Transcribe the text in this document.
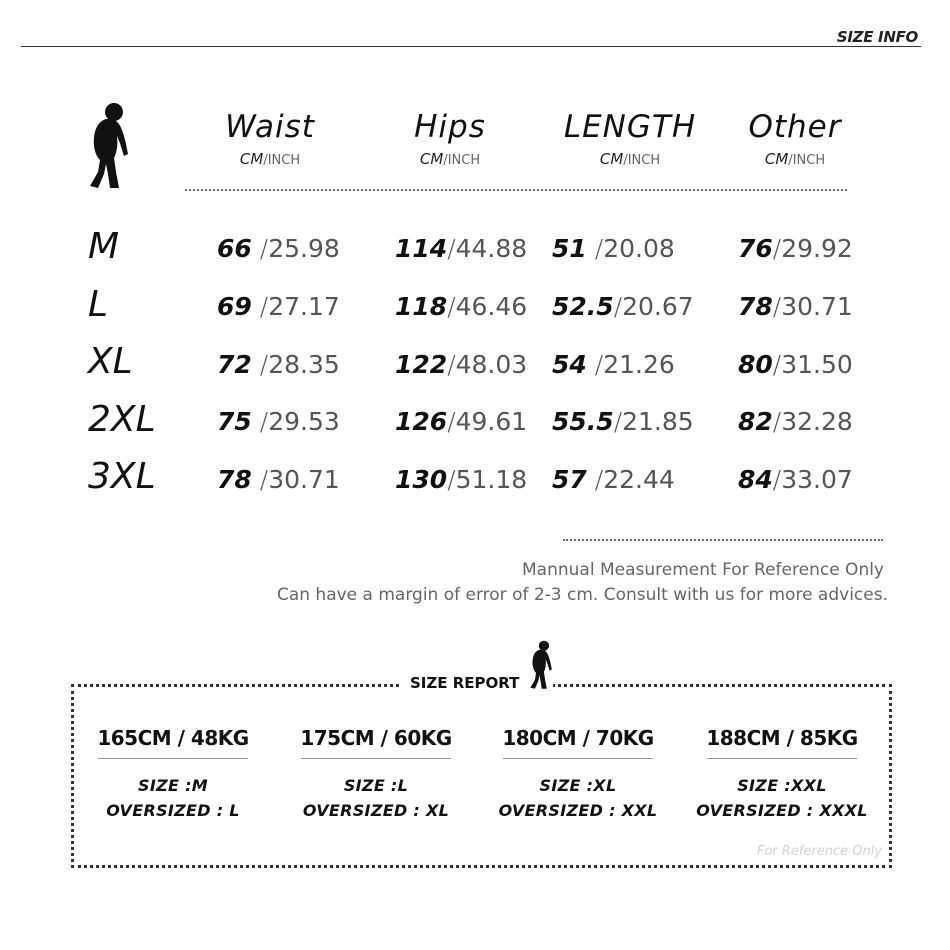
SIZE INFO
Waist
CM/INCH
Hips
CM/INCH
LENGTH
CM/INCH
Other
CM/INCH
M	66 /25.98 114/44.88 51 /20.08	76/29.92
L	69 /27.17 118/46.46 52.5/20.67 78/30.71
XL	72 /28.35 122/48.03 54 /21.26	80/31.50
2XL 75 /29.53 126/49.61 55.5/21.85 82/32.28
3XL 78 /30.71 130/51.18 57 /22.44	84/33.07
Mannual Measurement For Reference Only
Can have a margin of error of 2-3 cm. Consult with us for more advices.
SIZE REPORT
165CM / 48KG
SIZE :M
OVERSIZED : L
175CM / 60KG
SIZE :L
OVERSIZED : XL
180CM / 70KG
SIZE :XL
OVERSIZED : XXL
188CM / 85KG
SIZE :XXL
OVERSIZED : XXXL
For Reference Only
